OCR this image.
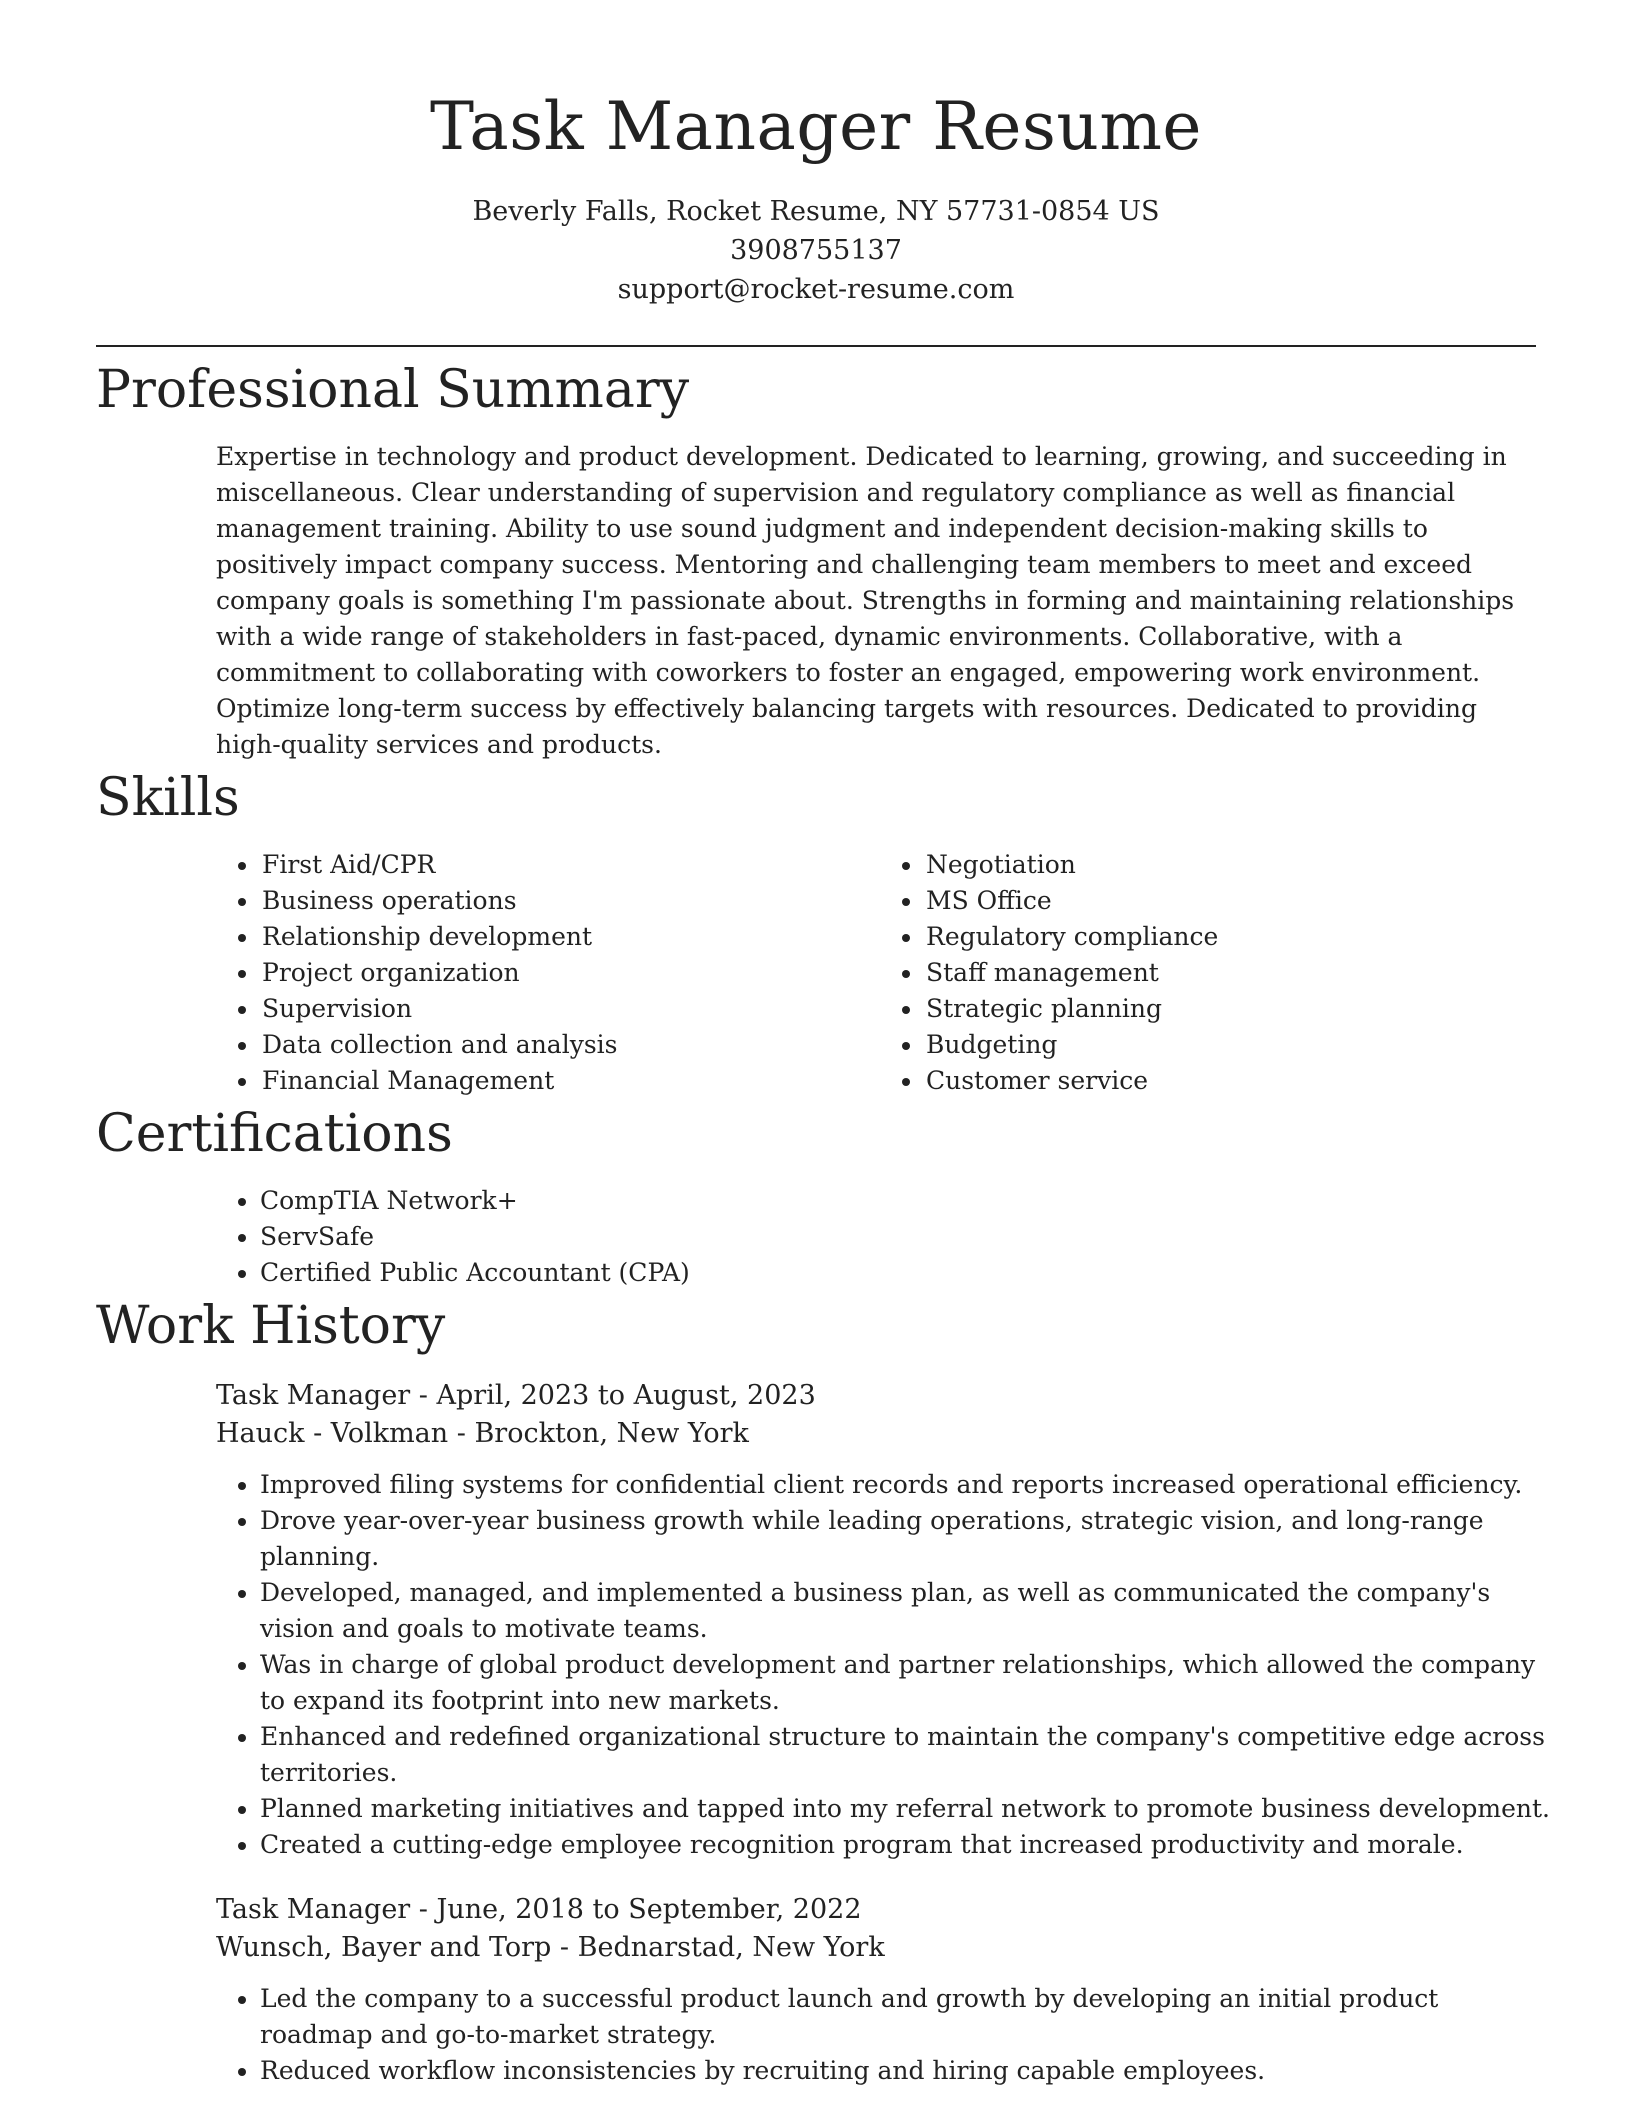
Task Manager Resume

Beverly Falls, Rocket Resume, NY 57731-0854 US

3908755137

support@rocket-resume.com

Professional Summary

Expertise in technology and product development. Dedicated to learning, growing, and succeeding in miscellaneous. Clear understanding of supervision and regulatory compliance as well as financial management training. Ability to use sound judgment and independent decision-making skills to positively impact company success. Mentoring and challenging team members to meet and exceed company goals is something I'm passionate about. Strengths in forming and maintaining relationships with a wide range of stakeholders in fast-paced, dynamic environments. Collaborative, with a commitment to collaborating with coworkers to foster an engaged, empowering work environment. Optimize long-term success by effectively balancing targets with resources. Dedicated to providing high-quality services and products.

Skills
• First Aid/CPR
• Business operations
• Relationship development
• Project organization
• Supervision
• Data collection and analysis
• Financial Management
• Negotiation
• MS Office
• Regulatory compliance
• Staff management
• Strategic planning
• Budgeting
• Customer service
Certifications
• CompTIA Network+
• ServSafe
• Certified Public Accountant (CPA)
Work History

Task Manager - April, 2023 to August, 2023

Hauck - Volkman - Brockton, New York

• Improved filing systems for confidential client records and reports increased operational efficiency.
• Drove year-over-year business growth while leading operations, strategic vision, and long-range planning.
• Developed, managed, and implemented a business plan, as well as communicated the company's vision and goals to motivate teams.
• Was in charge of global product development and partner relationships, which allowed the company to expand its footprint into new markets.
• Enhanced and redefined organizational structure to maintain the company's competitive edge across territories.
• Planned marketing initiatives and tapped into my referral network to promote business development.
• Created a cutting-edge employee recognition program that increased productivity and morale.

Task Manager - June, 2018 to September, 2022

Wunsch, Bayer and Torp - Bednarstad, New York

• Led the company to a successful product launch and growth by developing an initial product roadmap and go-to-market strategy.
• Reduced workflow inconsistencies by recruiting and hiring capable employees.
